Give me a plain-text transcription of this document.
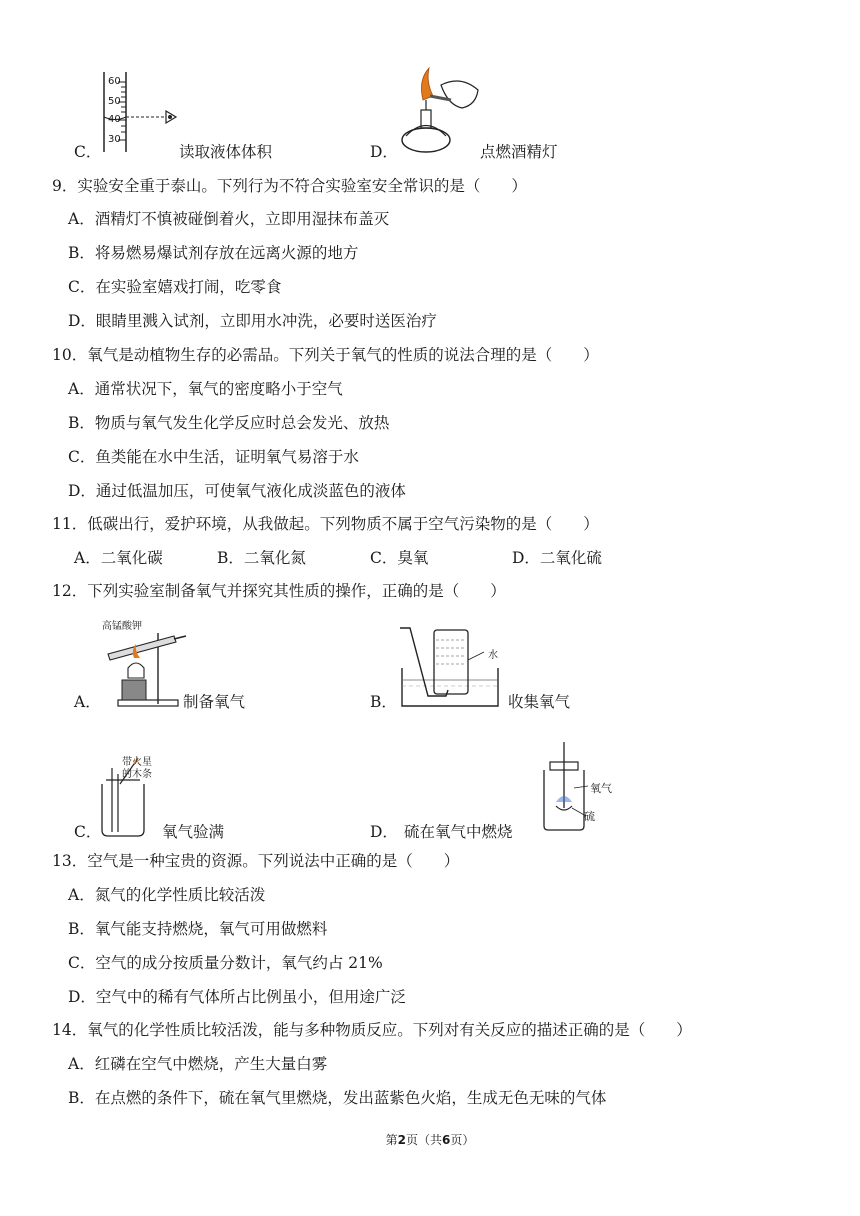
C．
60
50
40
30
读取液体体积	D．	点燃酒精灯
9．实验安全重于泰山。下列行为不符合实验室安全常识的是（　　）
A．酒精灯不慎被碰倒着火，立即用湿抹布盖灭
B．将易燃易爆试剂存放在远离火源的地方
C．在实验室嬉戏打闹，吃零食
D．眼睛里溅入试剂，立即用水冲洗，必要时送医治疗
10．氧气是动植物生存的必需品。下列关于氧气的性质的说法合理的是（　　）
A．通常状况下，氧气的密度略小于空气
B．物质与氧气发生化学反应时总会发光、放热
C．鱼类能在水中生活，证明氧气易溶于水
D．通过低温加压，可使氧气液化成淡蓝色的液体
11．低碳出行，爱护环境，从我做起。下列物质不属于空气污染物的是（　　）
A．二氧化碳	B．二氧化氮	C．臭氧	D．二氧化硫
12．下列实验室制备氧气并探究其性质的操作，正确的是（　　）
A．
高锰酸钾
制备氧气	B．
水
收集氧气
C．
带火星
的木条
氧气验满	D．
氧气
硫
硫在氧气中燃烧
13．空气是一种宝贵的资源。下列说法中正确的是（　　）
A．氮气的化学性质比较活泼
B．氧气能支持燃烧，氧气可用做燃料
C．空气的成分按质量分数计，氧气约占 21%
D．空气中的稀有气体所占比例虽小，但用途广泛
14．氧气的化学性质比较活泼，能与多种物质反应。下列对有关反应的描述正确的是（　　）
A．红磷在空气中燃烧，产生大量白雾
B．在点燃的条件下，硫在氧气里燃烧，发出蓝紫色火焰，生成无色无味的气体
第2页（共6页）
